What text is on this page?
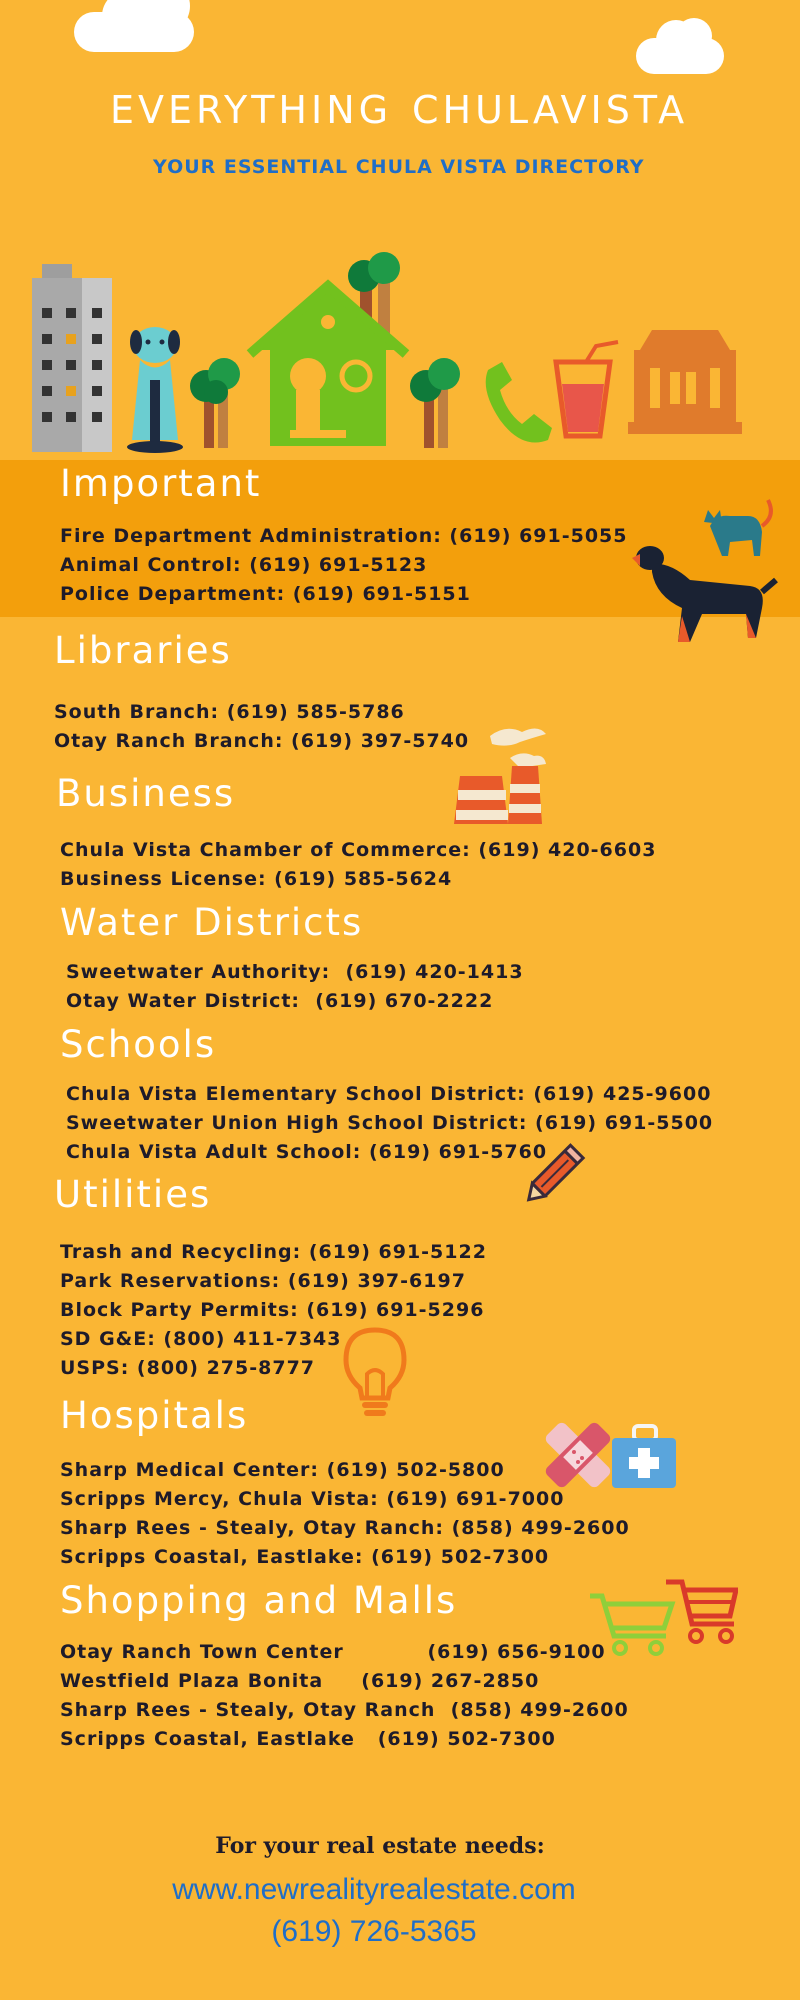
EVERYTHING CHULAVISTA
YOUR ESSENTIAL CHULA VISTA DIRECTORY
Important
Fire Department Administration: (619) 691-5055
Animal Control: (619) 691-5123
Police Department: (619) 691-5151
Libraries
South Branch: (619) 585-5786
Otay Ranch Branch: (619) 397-5740
Business
Chula Vista Chamber of Commerce: (619) 420-6603
Business License: (619) 585-5624
Water Districts
Sweetwater Authority:  (619) 420-1413
Otay Water District:  (619) 670-2222
Schools
Chula Vista Elementary School District: (619) 425-9600
Sweetwater Union High School District: (619) 691-5500
Chula Vista Adult School: (619) 691-5760
Utilities
Trash and Recycling: (619) 691-5122
Park Reservations: (619) 397-6197
Block Party Permits: (619) 691-5296
SD G&E: (800) 411-7343
USPS: (800) 275-8777
Hospitals
Sharp Medical Center: (619) 502-5800
Scripps Mercy, Chula Vista: (619) 691-7000
Sharp Rees - Stealy, Otay Ranch: (858) 499-2600
Scripps Coastal, Eastlake: (619) 502-7300
Shopping and Malls
Otay Ranch Town Center           (619) 656-9100
Westfield Plaza Bonita     (619) 267-2850
Sharp Rees - Stealy, Otay Ranch  (858) 499-2600
Scripps Coastal, Eastlake   (619) 502-7300
For your real estate needs:
www.newrealityrealestate.com
(619) 726-5365
